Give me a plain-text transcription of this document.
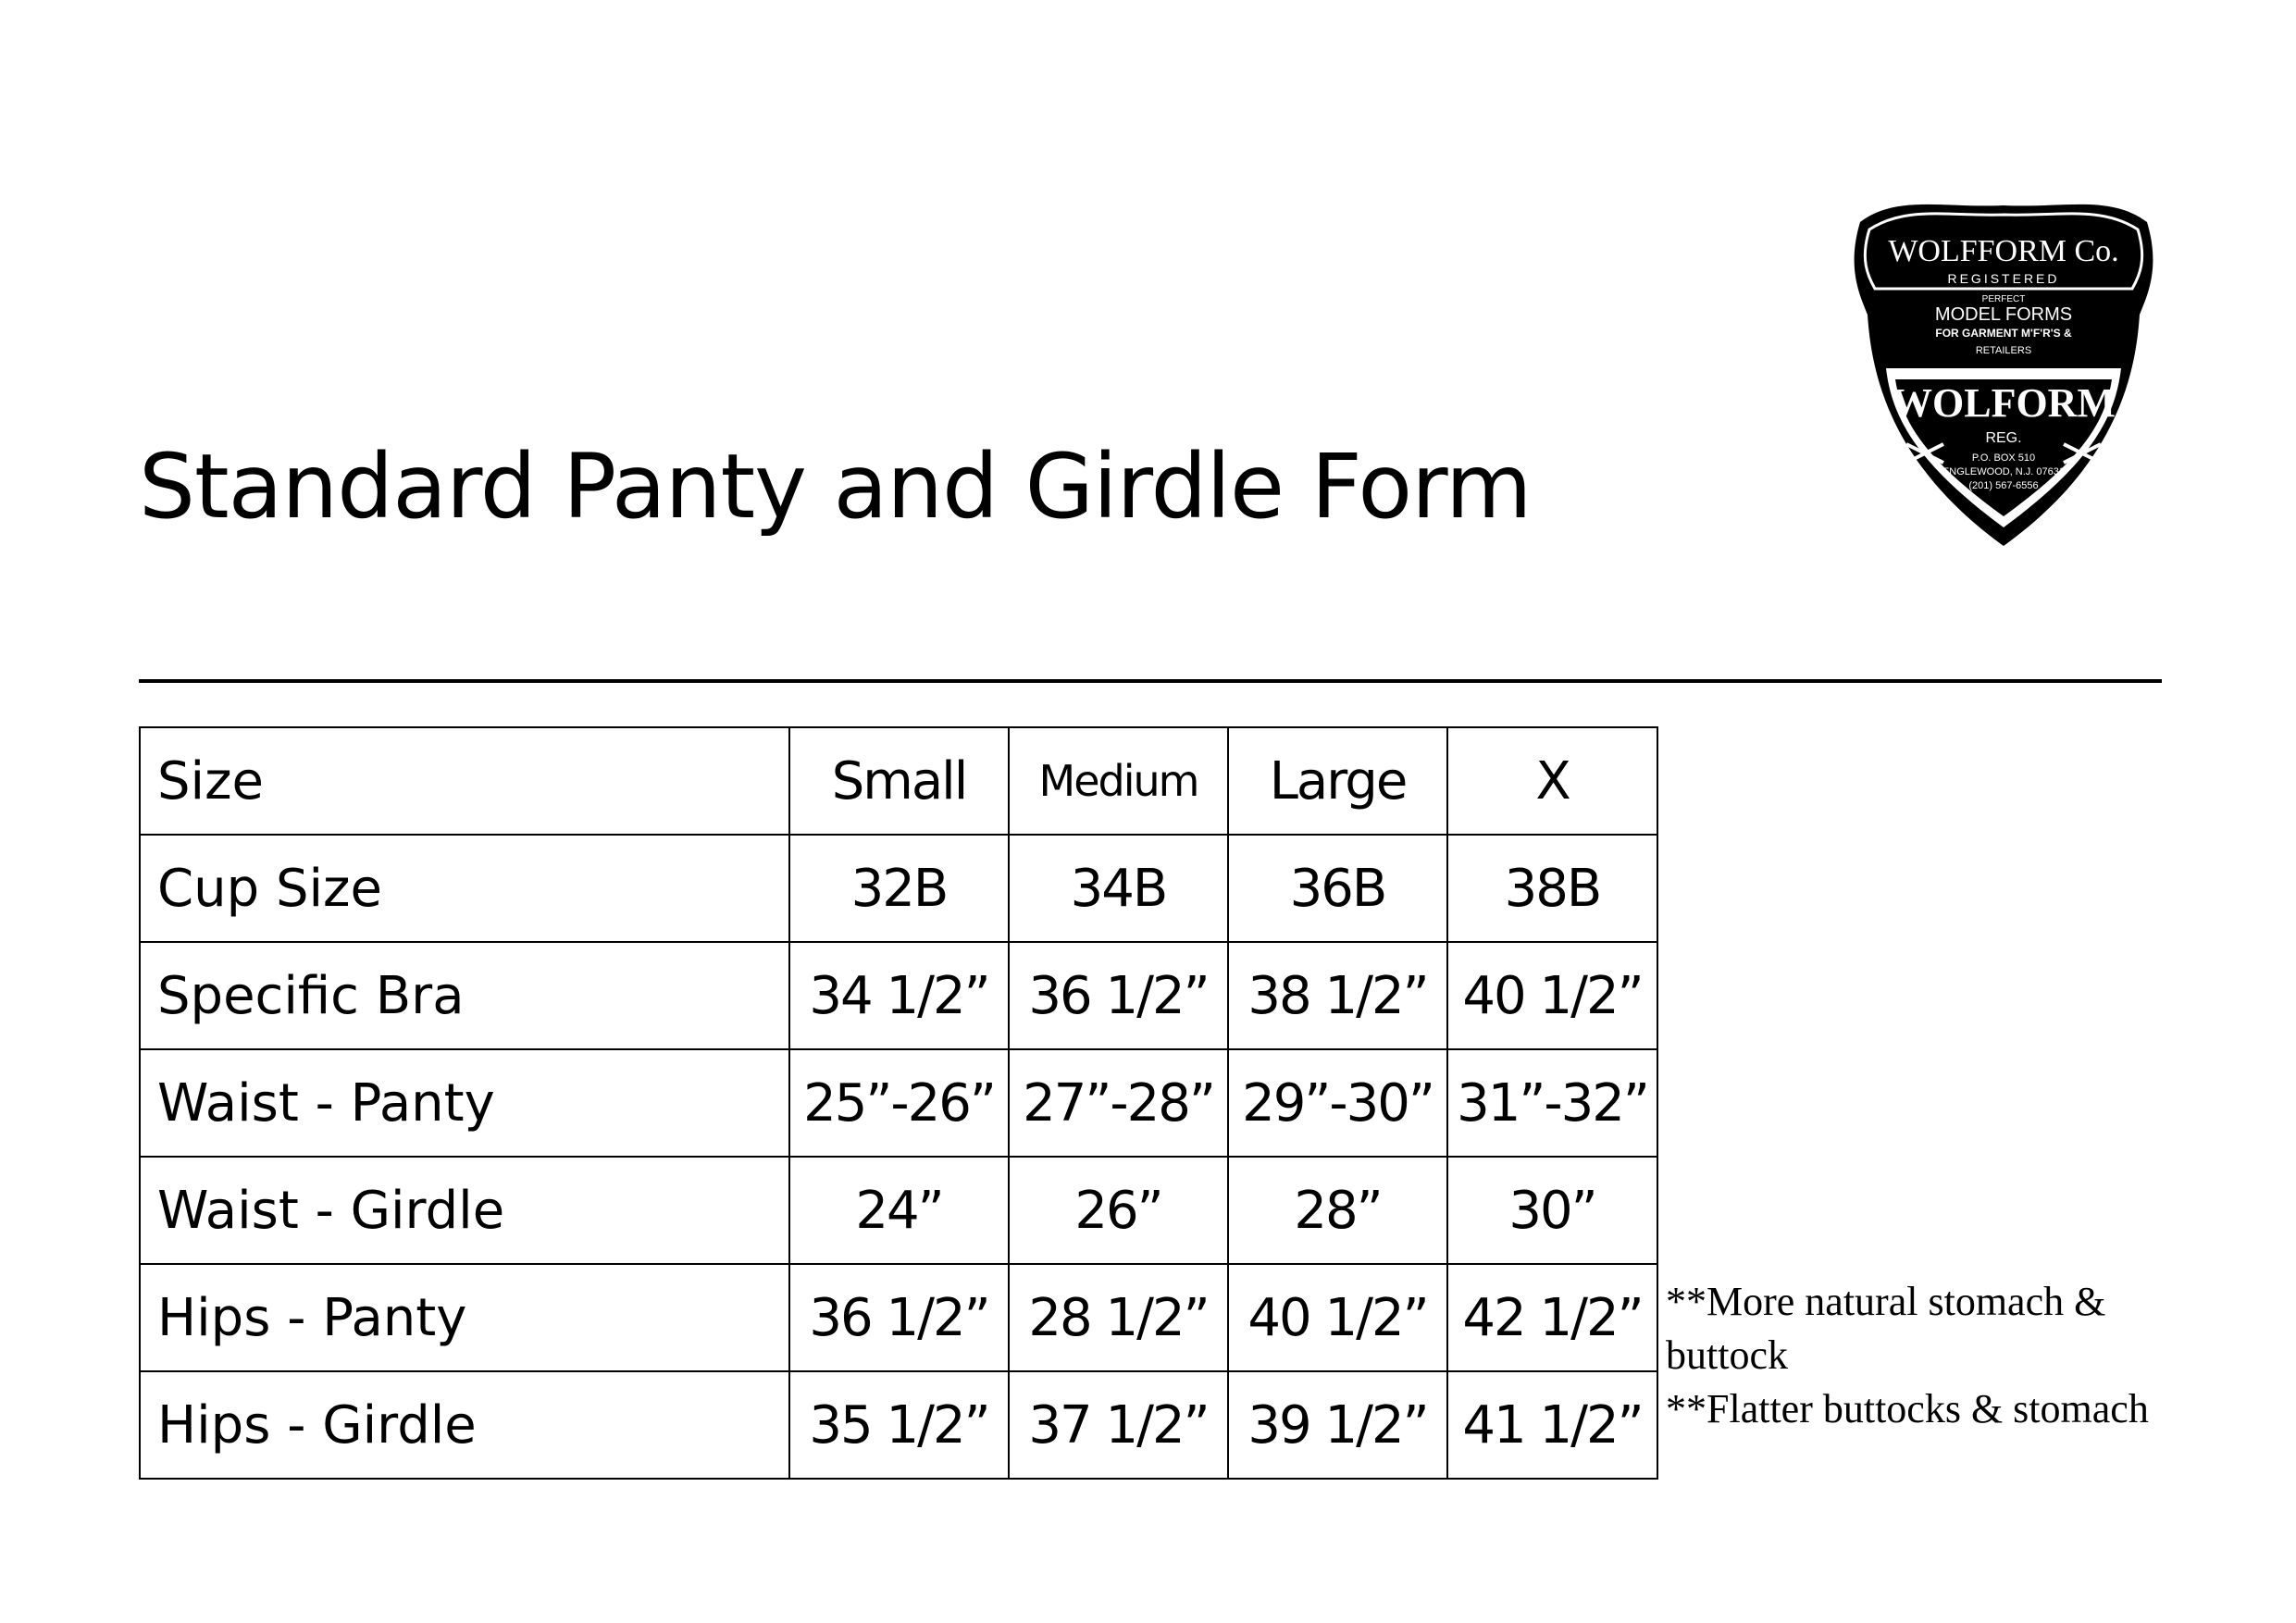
Standard Panty and Girdle Form
WOLFFORM Co.
REGISTERED
PERFECT
MODEL FORMS
FOR GARMENT M'F'R'S &
RETAILERS
WOLFORM
REG.
P.O. BOX 510
ENGLEWOOD, N.J. 07631
(201) 567-6556
Size	Small	Medium	Large	X
Cup Size	32B	34B	36B	38B
Specific Bra	34 1/2”	36 1/2”	38 1/2”	40 1/2”
Waist - Panty	25”-26”	27”-28”	29”-30”	31”-32”
Waist - Girdle	24”	26”	28”	30”
Hips - Panty	36 1/2”	28 1/2”	40 1/2”	42 1/2”
Hips - Girdle	35 1/2”	37 1/2”	39 1/2”	41 1/2”

**More natural stomach & buttock

**Flatter buttocks & stomach
